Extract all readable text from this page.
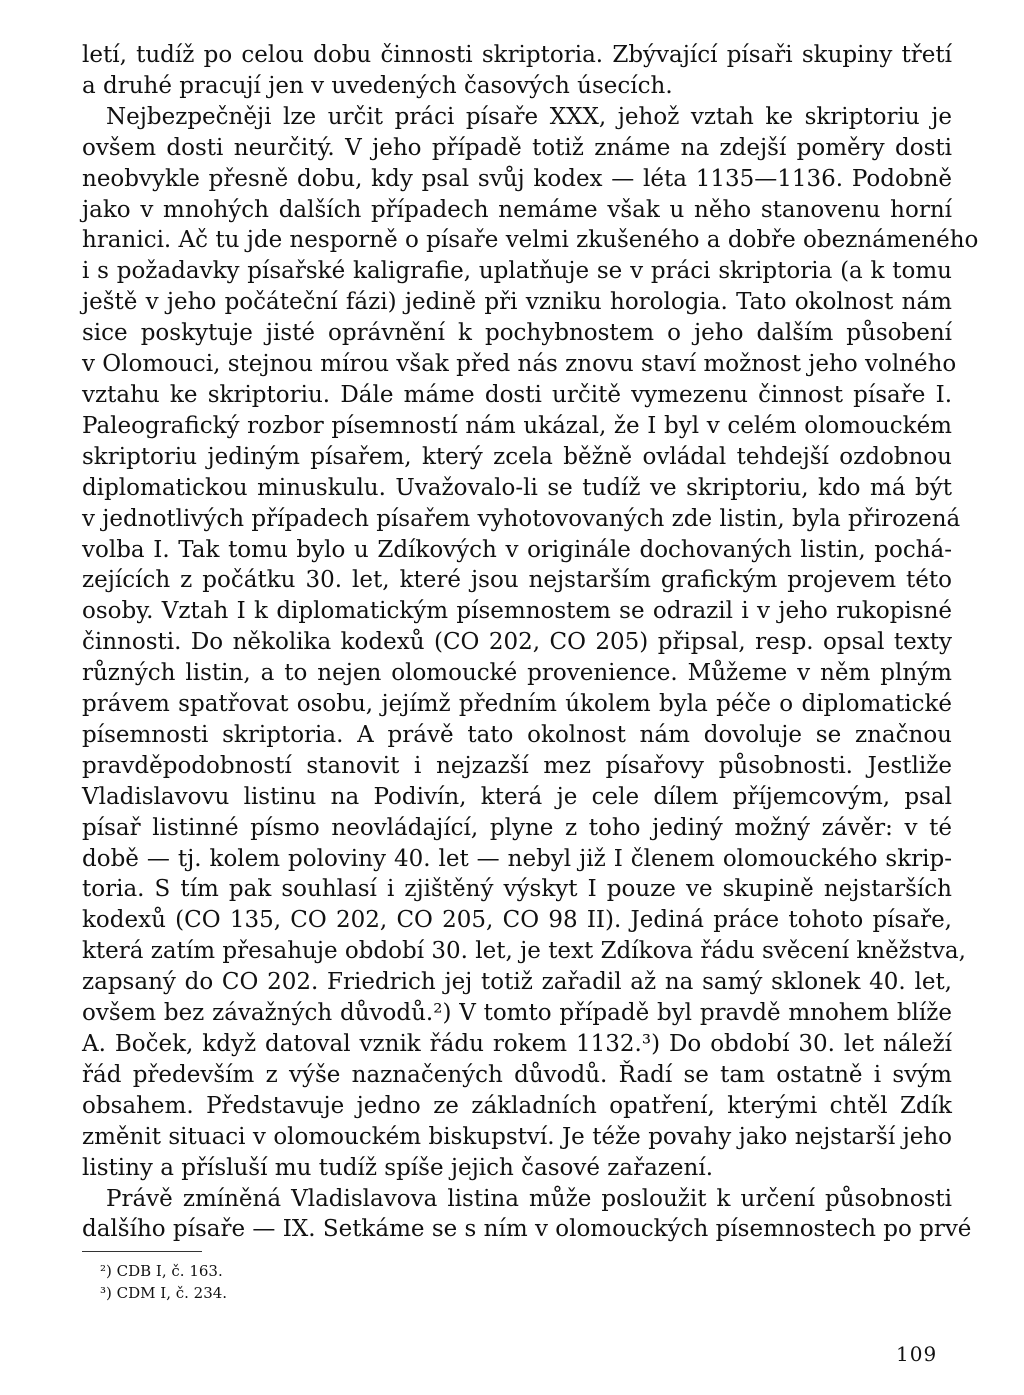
letí, tudíž po celou dobu činnosti skriptoria. Zbývající písaři skupiny třetí
a druhé pracují jen v uvedených časových úsecích.
Nejbezpečněji lze určit práci písaře XXX, jehož vztah ke skriptoriu je
ovšem dosti neurčitý. V jeho případě totiž známe na zdejší poměry dosti
neobvykle přesně dobu, kdy psal svůj kodex — léta 1135—1136. Podobně
jako v mnohých dalších případech nemáme však u něho stanovenu horní
hranici. Ač tu jde nesporně o písaře velmi zkušeného a dobře obeznámeného
i s požadavky písařské kaligrafie, uplatňuje se v práci skriptoria (a k tomu
ještě v jeho počáteční fázi) jedině při vzniku horologia. Tato okolnost nám
sice poskytuje jisté oprávnění k pochybnostem o jeho dalším působení
v Olomouci, stejnou mírou však před nás znovu staví možnost jeho volného
vztahu ke skriptoriu. Dále máme dosti určitě vymezenu činnost písaře I.
Paleografický rozbor písemností nám ukázal, že I byl v celém olomouckém
skriptoriu jediným písařem, který zcela běžně ovládal tehdejší ozdobnou
diplomatickou minuskulu. Uvažovalo-li se tudíž ve skriptoriu, kdo má být
v jednotlivých případech písařem vyhotovovaných zde listin, byla přirozená
volba I. Tak tomu bylo u Zdíkových v originále dochovaných listin, pochá-
zejících z počátku 30. let, které jsou nejstarším grafickým projevem této
osoby. Vztah I k diplomatickým písemnostem se odrazil i v jeho rukopisné
činnosti. Do několika kodexů (CO 202, CO 205) připsal, resp. opsal texty
různých listin, a to nejen olomoucké provenience. Můžeme v něm plným
právem spatřovat osobu, jejímž předním úkolem byla péče o diplomatické
písemnosti skriptoria. A právě tato okolnost nám dovoluje se značnou
pravděpodobností stanovit i nejzazší mez písařovy působnosti. Jestliže
Vladislavovu listinu na Podivín, která je cele dílem příjemcovým, psal
písař listinné písmo neovládající, plyne z toho jediný možný závěr: v té
době — tj. kolem poloviny 40. let — nebyl již I členem olomouckého skrip-
toria. S tím pak souhlasí i zjištěný výskyt I pouze ve skupině nejstarších
kodexů (CO 135, CO 202, CO 205, CO 98 II). Jediná práce tohoto písaře,
která zatím přesahuje období 30. let, je text Zdíkova řádu svěcení kněžstva,
zapsaný do CO 202. Friedrich jej totiž zařadil až na samý sklonek 40. let,
ovšem bez závažných důvodů.²) V tomto případě byl pravdě mnohem blíže
A. Boček, když datoval vznik řádu rokem 1132.³) Do období 30. let náleží
řád především z výše naznačených důvodů. Řadí se tam ostatně i svým
obsahem. Představuje jedno ze základních opatření, kterými chtěl Zdík
změnit situaci v olomouckém biskupství. Je téže povahy jako nejstarší jeho
listiny a přísluší mu tudíž spíše jejich časové zařazení.

Právě zmíněná Vladislavova listina může posloužit k určení působnosti
dalšího písaře — IX. Setkáme se s ním v olomouckých písemnostech po prvé

²) CDB I, č. 163.
³) CDM I, č. 234.
109
